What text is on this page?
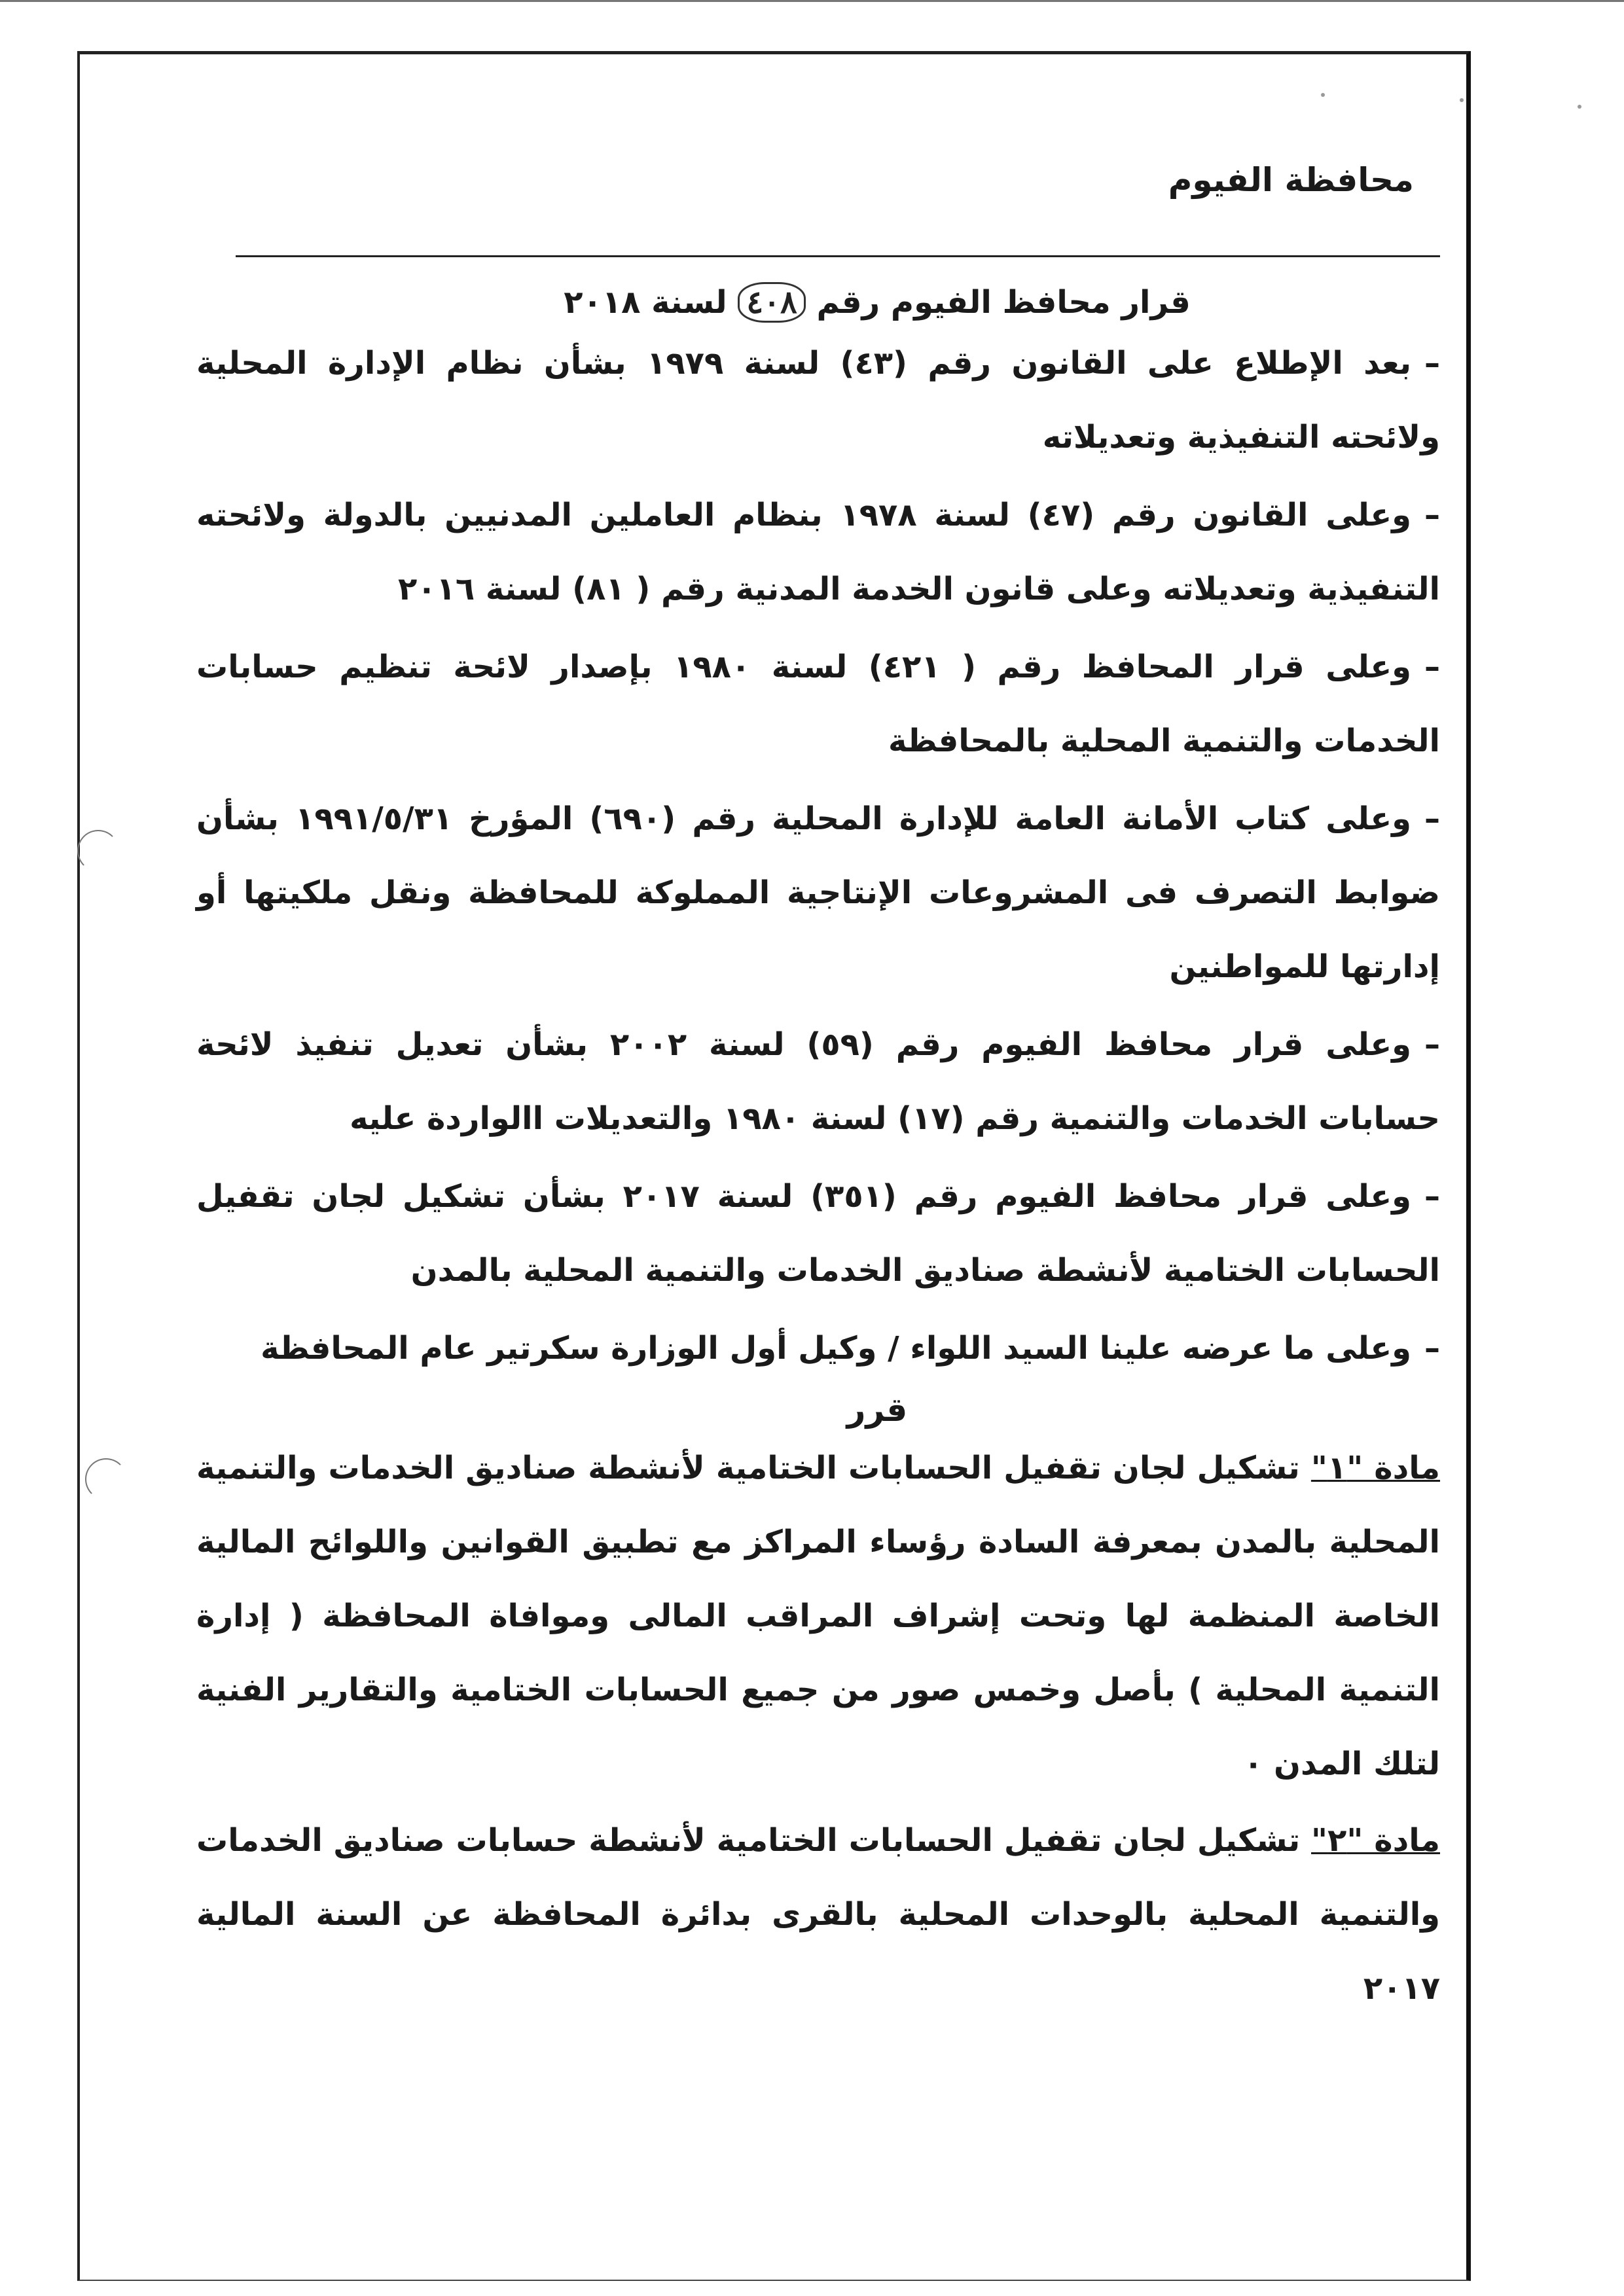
محافظة الفيوم
قرار محافظ الفيوم رقم ٤٠٨ لسنة ٢٠١٨
–بعد الإطلاع على القانون رقم (٤٣) لسنة ١٩٧٩ بشأن نظام الإدارة المحلية ولائحته التنفيذية وتعديلاته
–وعلى القانون رقم (٤٧) لسنة ١٩٧٨ بنظام العاملين المدنيين بالدولة ولائحته التنفيذية وتعديلاته وعلى قانون الخدمة المدنية رقم ( ٨١) لسنة ٢٠١٦
–وعلى قرار المحافظ رقم ( ٤٢١) لسنة ١٩٨٠ بإصدار لائحة تنظيم حسابات الخدمات والتنمية المحلية بالمحافظة
–وعلى كتاب الأمانة العامة للإدارة المحلية رقم (٦٩٠) المؤرخ ١٩٩١/٥/٣١ بشأن ضوابط التصرف فى المشروعات الإنتاجية المملوكة للمحافظة ونقل ملكيتها أو إدارتها للمواطنين
–وعلى قرار محافظ الفيوم رقم (٥٩) لسنة ٢٠٠٢ بشأن تعديل تنفيذ لائحة حسابات الخدمات والتنمية رقم (١٧) لسنة ١٩٨٠ والتعديلات االواردة عليه
–وعلى قرار محافظ الفيوم رقم (٣٥١) لسنة ٢٠١٧ بشأن تشكيل لجان تقفيل الحسابات الختامية لأنشطة صناديق الخدمات والتنمية المحلية بالمدن
–وعلى ما عرضه علينا السيد اللواء / وكيل أول الوزارة سكرتير عام المحافظة
قرر
مادة "١" تشكيل لجان تقفيل الحسابات الختامية لأنشطة صناديق الخدمات والتنمية المحلية بالمدن بمعرفة السادة رؤساء المراكز مع تطبيق القوانين واللوائح المالية الخاصة المنظمة لها وتحت إشراف المراقب المالى وموافاة المحافظة ( إدارة التنمية المحلية ) بأصل وخمس صور من جميع الحسابات الختامية والتقارير الفنية لتلك المدن ٠
مادة "٢" تشكيل لجان تقفيل الحسابات الختامية لأنشطة حسابات صناديق الخدمات والتنمية المحلية بالوحدات المحلية بالقرى بدائرة المحافظة عن السنة المالية ٢٠١٧
